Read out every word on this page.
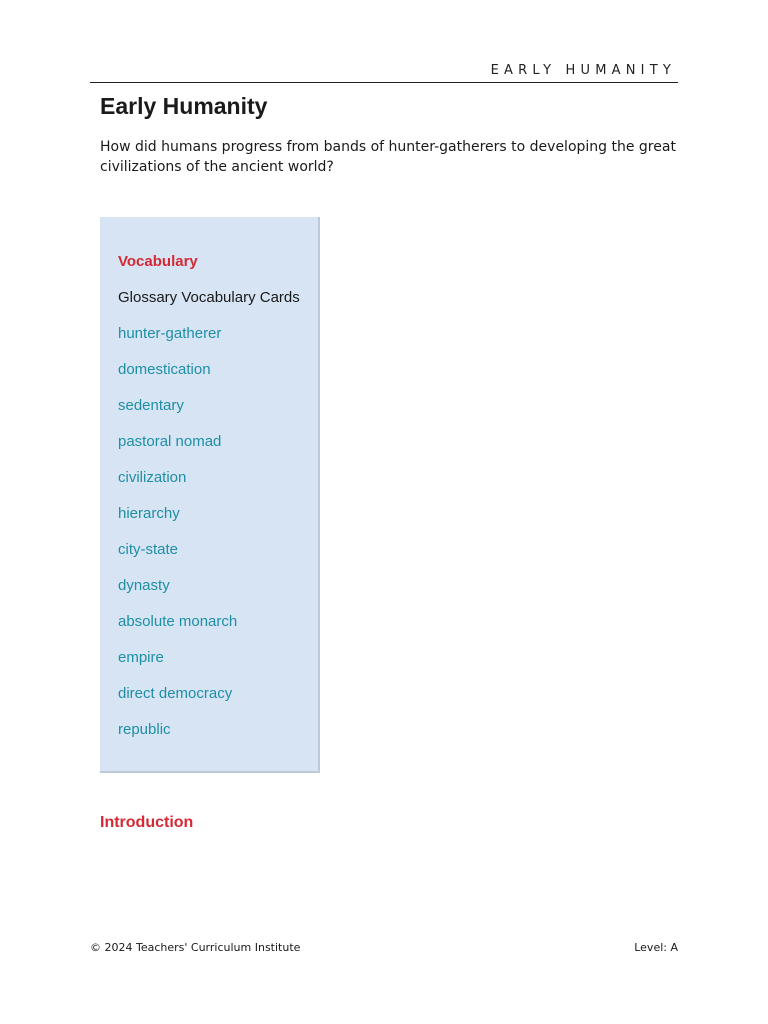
EARLY HUMANITY
Early Humanity

How did humans progress from bands of hunter-gatherers to developing the great civilizations of the ancient world?

Vocabulary
Glossary Vocabulary Cards
hunter-gatherer
domestication
sedentary
pastoral nomad
civilization
hierarchy
city-state
dynasty
absolute monarch
empire
direct democracy
republic
Introduction
© 2024 Teachers' Curriculum Institute	Level: A
